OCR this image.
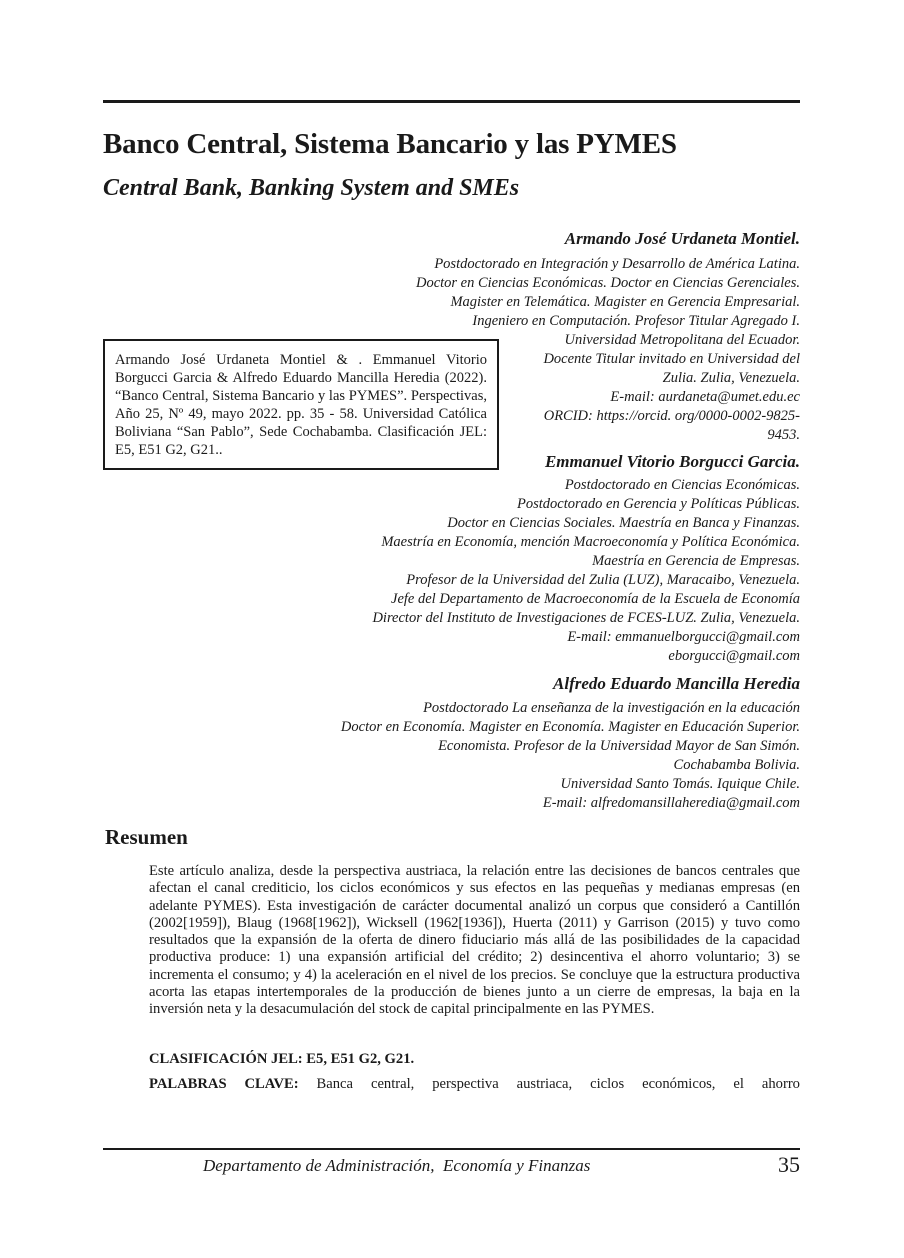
Banco Central, Sistema Bancario y las PYMES
Central Bank, Banking System and SMEs

Armando José Urdaneta Montiel.

Postdoctorado en Integración y Desarrollo de América Latina.
Doctor en Ciencias Económicas. Doctor en Ciencias Gerenciales.
Magister en Telemática. Magister en Gerencia Empresarial.
Ingeniero en Computación. Profesor Titular Agregado I.
Universidad Metropolitana del Ecuador.
Docente Titular invitado en Universidad del
Zulia. Zulia, Venezuela.
E-mail: aurdaneta@umet.edu.ec
ORCID: https://orcid. org/0000-0002-9825-
9453.
Armando José Urdaneta Montiel & . Emmanuel Vitorio Borgucci Garcia & Alfredo Eduardo Mancilla Heredia (2022). “Banco Central, Sistema Bancario y las PYMES”. Perspectivas, Año 25, Nº 49, mayo 2022. pp. 35 - 58. Universidad Católica Boliviana “San Pablo”, Sede Cochabamba. Clasificación JEL: E5, E51 G2, G21..

Emmanuel Vitorio Borgucci Garcia.

Postdoctorado en Ciencias Económicas.
Postdoctorado en Gerencia y Políticas Públicas.
Doctor en Ciencias Sociales. Maestría en Banca y Finanzas.
Maestría en Economía, mención Macroeconomía y Política Económica.
Maestría en Gerencia de Empresas.
Profesor de la Universidad del Zulia (LUZ), Maracaibo, Venezuela.
Jefe del Departamento de Macroeconomía de la Escuela de Economía
Director del Instituto de Investigaciones de FCES-LUZ. Zulia, Venezuela.
E-mail: emmanuelborgucci@gmail.com
eborgucci@gmail.com

Alfredo Eduardo Mancilla Heredia

Postdoctorado La enseñanza de la investigación en la educación
Doctor en Economía. Magister en Economía. Magister en Educación Superior.
Economista. Profesor de la Universidad Mayor de San Simón.
Cochabamba Bolivia.
Universidad Santo Tomás. Iquique Chile.
E-mail: alfredomansillaheredia@gmail.com
Resumen

Este artículo analiza, desde la perspectiva austriaca, la relación entre las decisiones de bancos centrales que afectan el canal crediticio, los ciclos económicos y sus efectos en las pequeñas y medianas empresas (en adelante PYMES). Esta investigación de carácter documental analizó un corpus que consideró a Cantillón (2002[1959]), Blaug (1968[1962]), Wicksell (1962[1936]), Huerta (2011) y Garrison (2015) y tuvo como resultados que la expansión de la oferta de dinero fiduciario más allá de las posibilidades de la capacidad productiva produce: 1) una expansión artificial del crédito; 2) desincentiva el ahorro voluntario; 3) se incrementa el consumo; y 4) la aceleración en el nivel de los precios. Se concluye que la estructura productiva acorta las etapas intertemporales de la producción de bienes junto a un cierre de empresas, la baja en la inversión neta y la desacumulación del stock de capital principalmente en las PYMES.

CLASIFICACIÓN JEL: E5, E51 G2, G21.

PALABRAS CLAVE: Banca central, perspectiva austriaca, ciclos económicos, el ahorro

Departamento de Administración,  Economía y Finanzas	35
